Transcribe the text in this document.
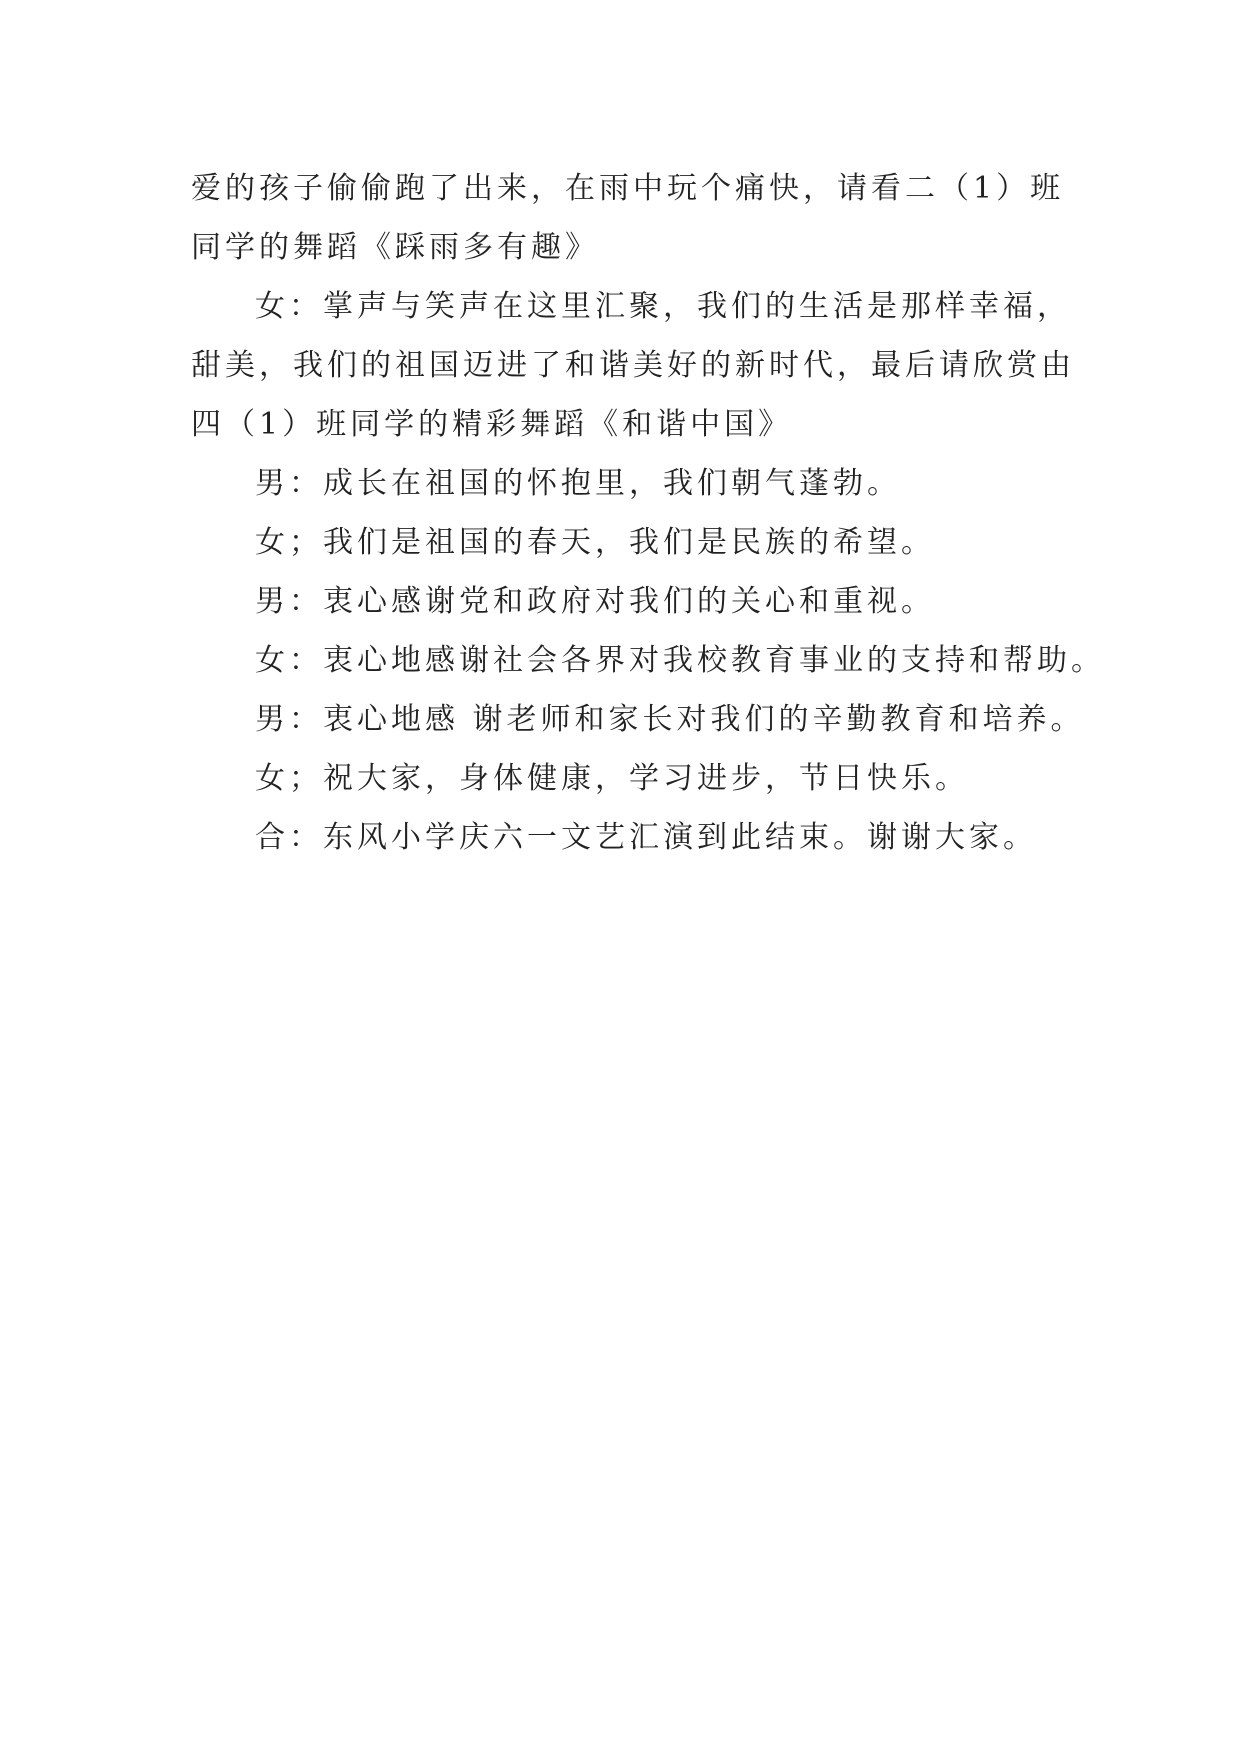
爱的孩子偷偷跑了出来，在雨中玩个痛快，请看二（1）班
同学的舞蹈《踩雨多有趣》
女：掌声与笑声在这里汇聚，我们的生活是那样幸福，
甜美，我们的祖国迈进了和谐美好的新时代，最后请欣赏由
四（1）班同学的精彩舞蹈《和谐中国》
男：成长在祖国的怀抱里，我们朝气蓬勃。
女；我们是祖国的春天，我们是民族的希望。
男：衷心感谢党和政府对我们的关心和重视。
女：衷心地感谢社会各界对我校教育事业的支持和帮助。
男：衷心地感 谢老师和家长对我们的辛勤教育和培养。
女；祝大家，身体健康，学习进步，节日快乐。
合：东风小学庆六一文艺汇演到此结束。谢谢大家。
